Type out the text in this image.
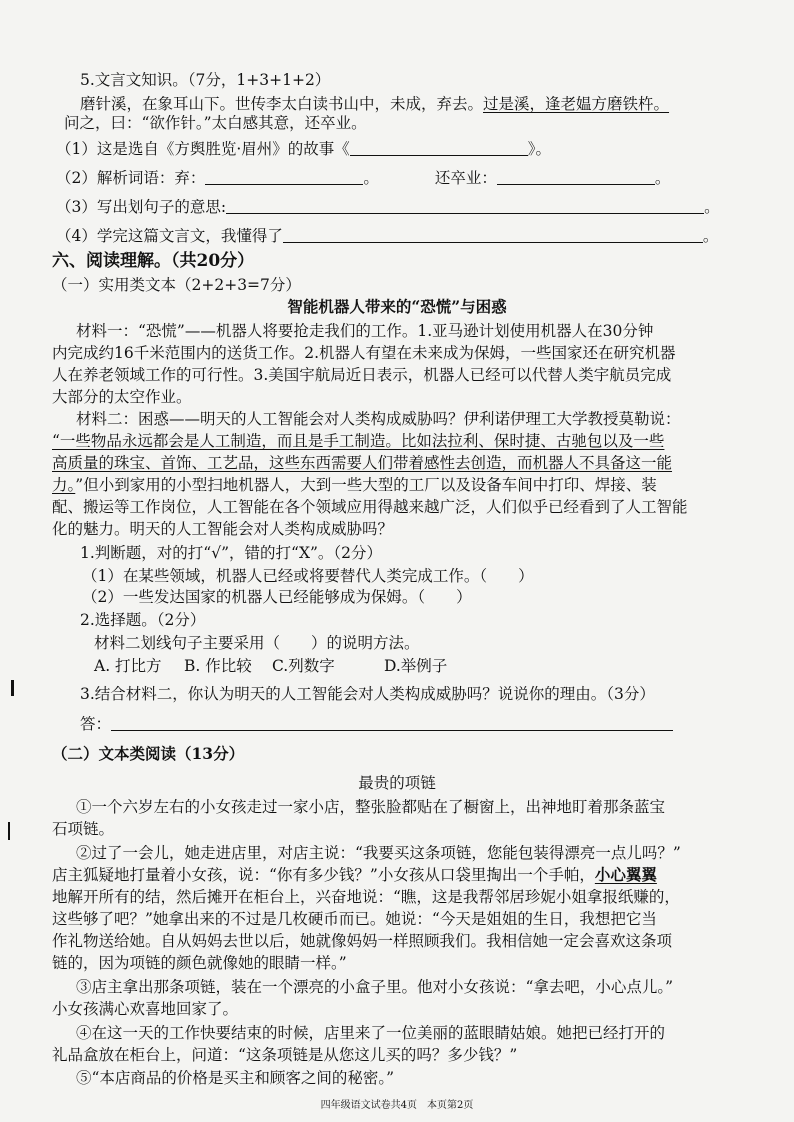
5.文言文知识。（7分，1+3+1+2）
磨针溪，在象耳山下。世传李太白读书山中，未成，弃去。过是溪，逢老媪方磨铁杵。
问之，曰：“欲作针。”太白感其意，还卒业。
（1）这是选自《方舆胜览·眉州》的故事《	》。
（2）解析词语：弃：	。	还卒业：	。
（3）写出划句子的意思:	。
（4）学完这篇文言文，我懂得了	。
六、阅读理解。（共20分）
（一）实用类文本（2+2+3=7分）
智能机器人带来的“恐慌”与困惑
材料一：“恐慌”——机器人将要抢走我们的工作。1.亚马逊计划使用机器人在30分钟
内完成约16千米范围内的送货工作。2.机器人有望在未来成为保姆，一些国家还在研究机器
人在养老领域工作的可行性。3.美国宇航局近日表示，机器人已经可以代替人类宇航员完成
大部分的太空作业。
材料二：困惑——明天的人工智能会对人类构成威胁吗？伊利诺伊理工大学教授莫勒说：
“一些物品永远都会是人工制造，而且是手工制造。比如法拉利、保时捷、古驰包以及一些
高质量的珠宝、首饰、工艺品，这些东西需要人们带着感性去创造，而机器人不具备这一能
力。”但小到家用的小型扫地机器人，大到一些大型的工厂以及设备车间中打印、焊接、装
配、搬运等工作岗位，人工智能在各个领域应用得越来越广泛，人们似乎已经看到了人工智能
化的魅力。明天的人工智能会对人类构成威胁吗？
1.判断题，对的打“√”，错的打“X”。（2分）
（1）在某些领域，机器人已经或将要替代人类完成工作。（　　）
（2）一些发达国家的机器人已经能够成为保姆。（　　）
2.选择题。（2分）
材料二划线句子主要采用（　　）的说明方法。
A. 打比方 B. 作比较 C.列数字	D.举例子
3.结合材料二，你认为明天的人工智能会对人类构成威胁吗？说说你的理由。（3分）
答：
（二）文本类阅读（13分）
最贵的项链
①一个六岁左右的小女孩走过一家小店，整张脸都贴在了橱窗上，出神地盯着那条蓝宝
石项链。
②过了一会儿，她走进店里，对店主说：“我要买这条项链，您能包装得漂亮一点儿吗？”
店主狐疑地打量着小女孩，说：“你有多少钱？”小女孩从口袋里掏出一个手帕，小心翼翼
地解开所有的结，然后摊开在柜台上，兴奋地说：“瞧，这是我帮邻居珍妮小姐拿报纸赚的，
这些够了吧？”她拿出来的不过是几枚硬币而已。她说：“今天是姐姐的生日，我想把它当
作礼物送给她。自从妈妈去世以后，她就像妈妈一样照顾我们。我相信她一定会喜欢这条项
链的，因为项链的颜色就像她的眼睛一样。”
③店主拿出那条项链，装在一个漂亮的小盒子里。他对小女孩说：“拿去吧，小心点儿。”
小女孩满心欢喜地回家了。
④在这一天的工作快要结束的时候，店里来了一位美丽的蓝眼睛姑娘。她把已经打开的
礼品盒放在柜台上，问道：“这条项链是从您这儿买的吗？多少钱？”
⑤“本店商品的价格是买主和顾客之间的秘密。”
四年级语文试卷共4页　本页第2页
